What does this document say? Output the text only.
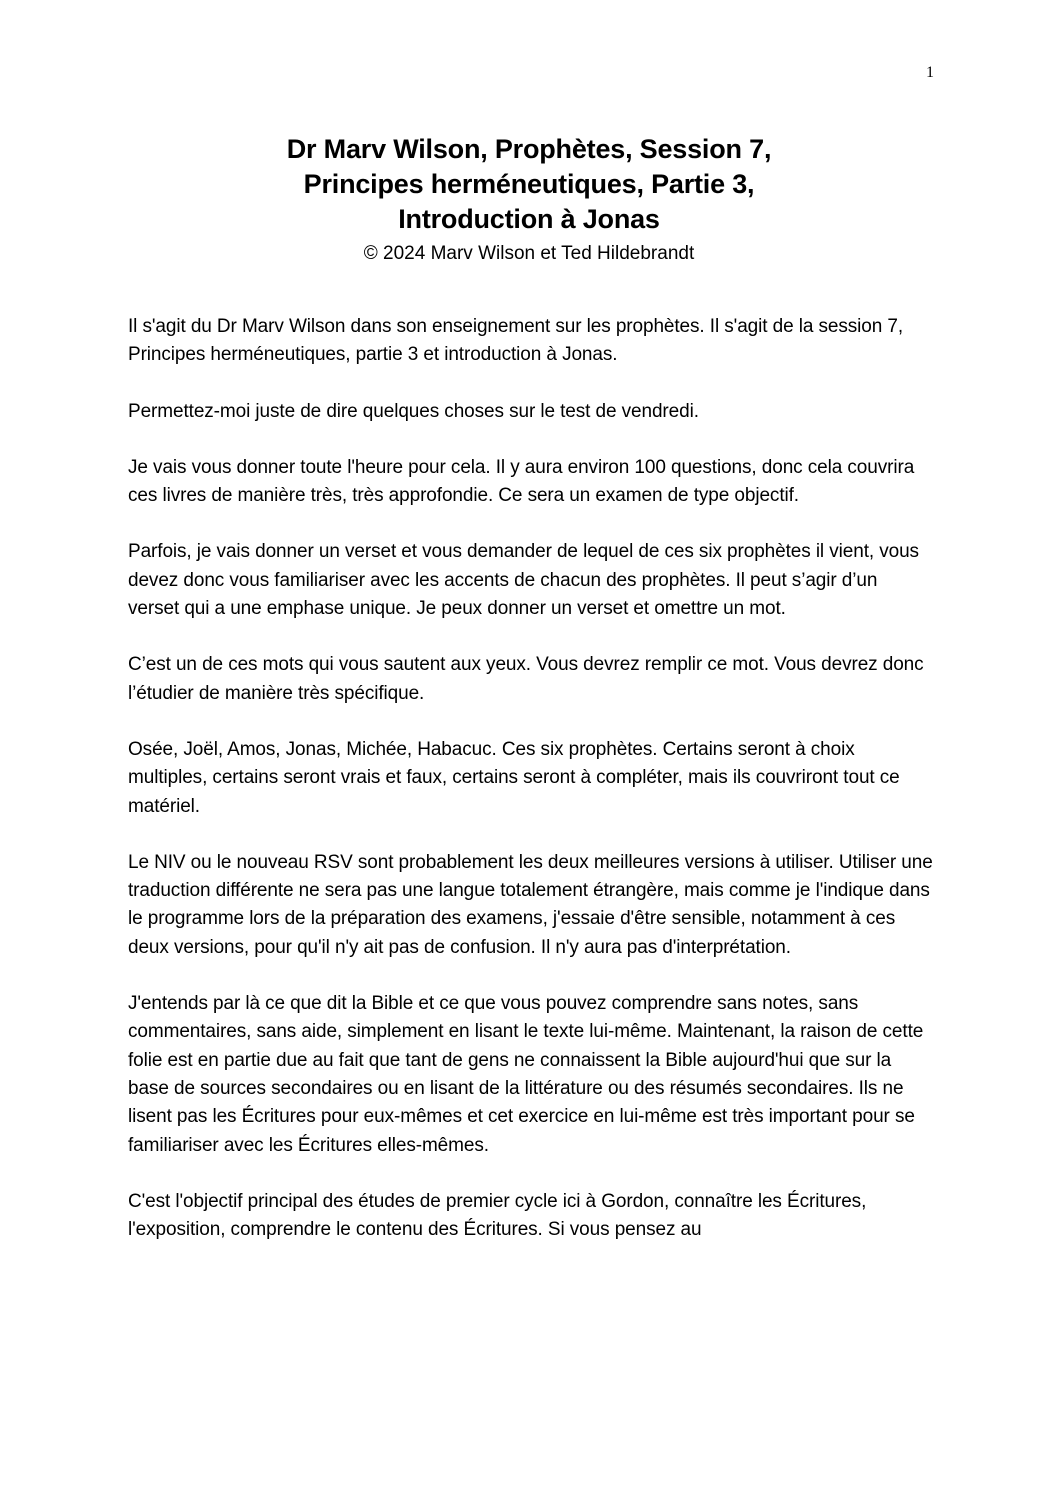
1

Dr Marv Wilson, Prophètes, Session 7,

Principes herméneutiques, Partie 3,

Introduction à Jonas

© 2024 Marv Wilson et Ted Hildebrandt

Il s'agit du Dr Marv Wilson dans son enseignement sur les prophètes. Il s'agit de la session 7, Principes herméneutiques, partie 3 et introduction à Jonas.

Permettez-moi juste de dire quelques choses sur le test de vendredi.

Je vais vous donner toute l'heure pour cela. Il y aura environ 100 questions, donc cela couvrira ces livres de manière très, très approfondie. Ce sera un examen de type objectif.

Parfois, je vais donner un verset et vous demander de lequel de ces six prophètes il vient, vous devez donc vous familiariser avec les accents de chacun des prophètes. Il peut s’agir d’un verset qui a une emphase unique. Je peux donner un verset et omettre un mot.

C’est un de ces mots qui vous sautent aux yeux. Vous devrez remplir ce mot. Vous devrez donc l’étudier de manière très spécifique.

Osée, Joël, Amos, Jonas, Michée, Habacuc. Ces six prophètes. Certains seront à choix multiples, certains seront vrais et faux, certains seront à compléter, mais ils couvriront tout ce matériel.

Le NIV ou le nouveau RSV sont probablement les deux meilleures versions à utiliser. Utiliser une traduction différente ne sera pas une langue totalement étrangère, mais comme je l'indique dans le programme lors de la préparation des examens, j'essaie d'être sensible, notamment à ces deux versions, pour qu'il n'y ait pas de confusion. Il n'y aura pas d'interprétation.

J'entends par là ce que dit la Bible et ce que vous pouvez comprendre sans notes, sans commentaires, sans aide, simplement en lisant le texte lui-même. Maintenant, la raison de cette folie est en partie due au fait que tant de gens ne connaissent la Bible aujourd'hui que sur la base de sources secondaires ou en lisant de la littérature ou des résumés secondaires. Ils ne lisent pas les Écritures pour eux-mêmes et cet exercice en lui-même est très important pour se familiariser avec les Écritures elles-mêmes.

C'est l'objectif principal des études de premier cycle ici à Gordon, connaître les Écritures, l'exposition, comprendre le contenu des Écritures. Si vous pensez au
